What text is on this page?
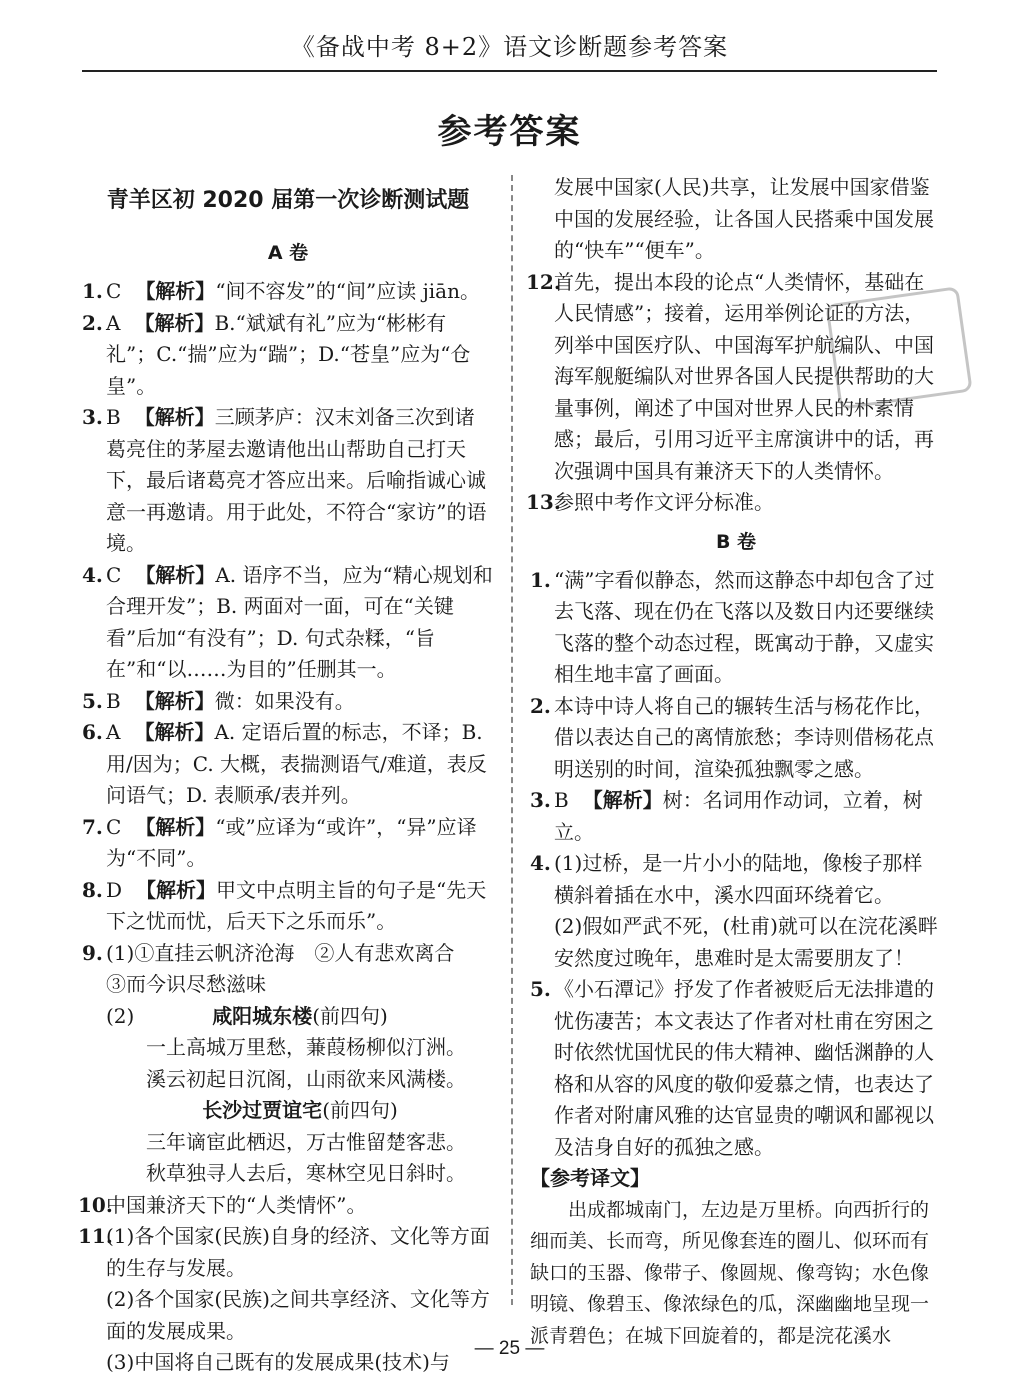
《备战中考 8+2》语文诊断题参考答案
参考答案
青羊区初 2020 届第一次诊断测试题
A 卷
1. C 【解析】“间不容发”的“间”应读 jiān。
2. A 【解析】B.“斌斌有礼”应为“彬彬有礼”；C.“揣”应为“踹”；D.“苍皇”应为“仓皇”。
3. B 【解析】三顾茅庐：汉末刘备三次到诸葛亮住的茅屋去邀请他出山帮助自己打天下，最后诸葛亮才答应出来。后喻指诚心诚意一再邀请。用于此处，不符合“家访”的语境。
4. C 【解析】A. 语序不当，应为“精心规划和合理开发”；B. 两面对一面，可在“关键看”后加“有没有”；D. 句式杂糅，“旨在”和“以……为目的”任删其一。
5. B 【解析】微：如果没有。
6. A 【解析】A. 定语后置的标志，不译；B. 用/因为；C. 大概，表揣测语气/难道，表反问语气；D. 表顺承/表并列。
7. C 【解析】“或”应译为“或许”，“异”应译为“不同”。
8. D 【解析】甲文中点明主旨的句子是“先天下之忧而忧，后天下之乐而乐”。
9. (1)①直挂云帆济沧海　②人有悲欢离合
③而今识尽愁滋味
(2)	咸阳城东楼(前四句)
一上高城万里愁，蒹葭杨柳似汀洲。
溪云初起日沉阁，山雨欲来风满楼。
长沙过贾谊宅(前四句)
三年谪宦此栖迟，万古惟留楚客悲。
秋草独寻人去后，寒林空见日斜时。
10.
中国兼济天下的“人类情怀”。
11.
(1)各个国家(民族)自身的经济、文化等方面的生存与发展。
(2)各个国家(民族)之间共享经济、文化等方面的发展成果。
(3)中国将自己既有的发展成果(技术)与
发展中国家(人民)共享，让发展中国家借鉴中国的发展经验，让各国人民搭乘中国发展的“快车”“便车”。
12.
首先，提出本段的论点“人类情怀，基础在人民情感”；接着，运用举例论证的方法，列举中国医疗队、中国海军护航编队、中国海军舰艇编队对世界各国人民提供帮助的大量事例，阐述了中国对世界人民的朴素情感；最后，引用习近平主席演讲中的话，再次强调中国具有兼济天下的人类情怀。
13.
参照中考作文评分标准。
B 卷
1. “满”字看似静态，然而这静态中却包含了过去飞落、现在仍在飞落以及数日内还要继续飞落的整个动态过程，既寓动于静，又虚实相生地丰富了画面。
2. 本诗中诗人将自己的辗转生活与杨花作比，借以表达自己的离情旅愁；李诗则借杨花点明送别的时间，渲染孤独飘零之感。
3. B 【解析】树：名词用作动词，立着，树立。
4. (1)过桥，是一片小小的陆地，像梭子那样横斜着插在水中，溪水四面环绕着它。
(2)假如严武不死，(杜甫)就可以在浣花溪畔安然度过晚年，患难时是太需要朋友了！
5. 《小石潭记》抒发了作者被贬后无法排遣的忧伤凄苦；本文表达了作者对杜甫在穷困之时依然忧国忧民的伟大精神、幽恬渊静的人格和从容的风度的敬仰爱慕之情，也表达了作者对附庸风雅的达官显贵的嘲讽和鄙视以及洁身自好的孤独之感。
【参考译文】
出成都城南门，左边是万里桥。向西折行的细而美、长而弯，所见像套连的圈儿、似环而有缺口的玉器、像带子、像圆规、像弯钩；水色像明镜、像碧玉、像浓绿色的瓜，深幽幽地呈现一派青碧色；在城下回旋着的，都是浣花溪水
— 25 —
